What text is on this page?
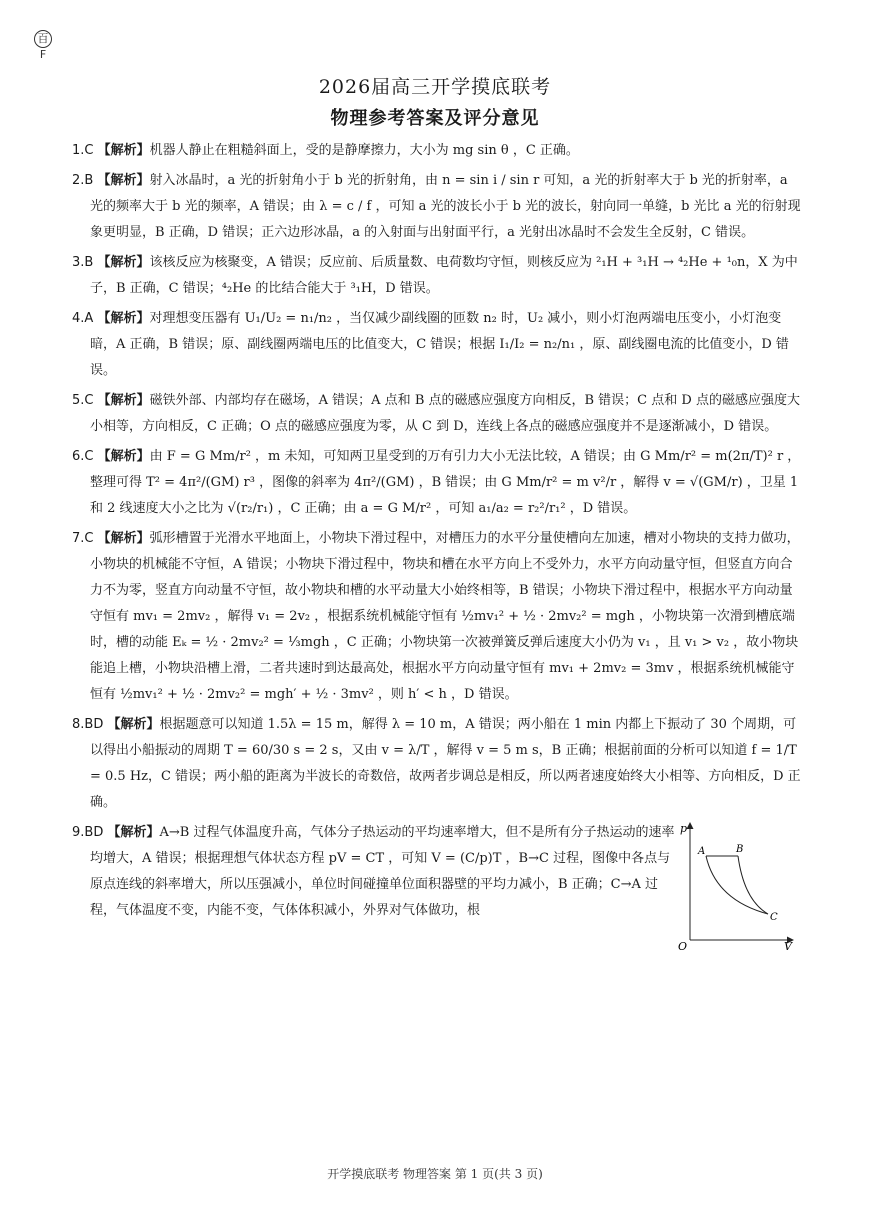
百F
2026届高三开学摸底联考
物理参考答案及评分意见

1.C 【解析】机器人静止在粗糙斜面上，受的是静摩擦力，大小为 mg sin θ ，C 正确。

2.B 【解析】射入冰晶时，a 光的折射角小于 b 光的折射角，由 n = sin i / sin r 可知，a 光的折射率大于 b 光的折射率，a 光的频率大于 b 光的频率，A 错误；由 λ = c / f ，可知 a 光的波长小于 b 光的波长，射向同一单缝，b 光比 a 光的衍射现象更明显，B 正确，D 错误；正六边形冰晶，a 的入射面与出射面平行，a 光射出冰晶时不会发生全反射，C 错误。

3.B 【解析】该核反应为核聚变，A 错误；反应前、后质量数、电荷数均守恒，则核反应为 ²₁H + ³₁H → ⁴₂He + ¹₀n，X 为中子，B 正确，C 错误；⁴₂He 的比结合能大于 ³₁H，D 错误。

4.A 【解析】对理想变压器有 U₁/U₂ = n₁/n₂ ，当仅减少副线圈的匝数 n₂ 时，U₂ 减小，则小灯泡两端电压变小，小灯泡变暗，A 正确，B 错误；原、副线圈两端电压的比值变大，C 错误；根据 I₁/I₂ = n₂/n₁ ，原、副线圈电流的比值变小，D 错误。

5.C 【解析】磁铁外部、内部均存在磁场，A 错误；A 点和 B 点的磁感应强度方向相反，B 错误；C 点和 D 点的磁感应强度大小相等，方向相反，C 正确；O 点的磁感应强度为零，从 C 到 D，连线上各点的磁感应强度并不是逐渐减小，D 错误。

6.C 【解析】由 F = G Mm/r² ，m 未知，可知两卫星受到的万有引力大小无法比较，A 错误；由 G Mm/r² = m(2π/T)² r ，整理可得 T² = 4π²/(GM) r³ ，图像的斜率为 4π²/(GM) ，B 错误；由 G Mm/r² = m v²/r ，解得 v = √(GM/r) ，卫星 1 和 2 线速度大小之比为 √(r₂/r₁) ，C 正确；由 a = G M/r² ，可知 a₁/a₂ = r₂²/r₁² ，D 错误。

7.C 【解析】弧形槽置于光滑水平地面上，小物块下滑过程中，对槽压力的水平分量使槽向左加速，槽对小物块的支持力做功，小物块的机械能不守恒，A 错误；小物块下滑过程中，物块和槽在水平方向上不受外力，水平方向动量守恒，但竖直方向合力不为零，竖直方向动量不守恒，故小物块和槽的水平动量大小始终相等，B 错误；小物块下滑过程中，根据水平方向动量守恒有 mv₁ = 2mv₂ ，解得 v₁ = 2v₂ ，根据系统机械能守恒有 ½mv₁² + ½ · 2mv₂² = mgh ，小物块第一次滑到槽底端时，槽的动能 Eₖ = ½ · 2mv₂² = ⅓mgh ，C 正确；小物块第一次被弹簧反弹后速度大小仍为 v₁ ，且 v₁ > v₂ ，故小物块能追上槽，小物块沿槽上滑，二者共速时到达最高处，根据水平方向动量守恒有 mv₁ + 2mv₂ = 3mv ，根据系统机械能守恒有 ½mv₁² + ½ · 2mv₂² = mgh′ + ½ · 3mv² ，则 h′ < h ，D 错误。

8.BD 【解析】根据题意可以知道 1.5λ = 15 m，解得 λ = 10 m，A 错误；两小船在 1 min 内都上下振动了 30 个周期，可以得出小船振动的周期 T = 60/30 s = 2 s，又由 v = λ/T ，解得 v = 5 m s，B 正确；根据前面的分析可以知道 f = 1/T = 0.5 Hz，C 错误；两小船的距离为半波长的奇数倍，故两者步调总是相反，所以两者速度始终大小相等、方向相反，D 正确。

9.BD 【解析】A→B 过程气体温度升高，气体分子热运动的平均速率增大，但不是所有分子热运动的速率均增大，A 错误；根据理想气体状态方程 pV = CT ，可知 V = (C/p)T ，B→C 过程，图像中各点与原点连线的斜率增大，所以压强减小，单位时间碰撞单位面积器壁的平均力减小，B 正确；C→A 过程，气体温度不变，内能不变，气体体积减小，外界对气体做功，根

p
V
O
A	B
C
开学摸底联考 物理答案 第 1 页(共 3 页)
